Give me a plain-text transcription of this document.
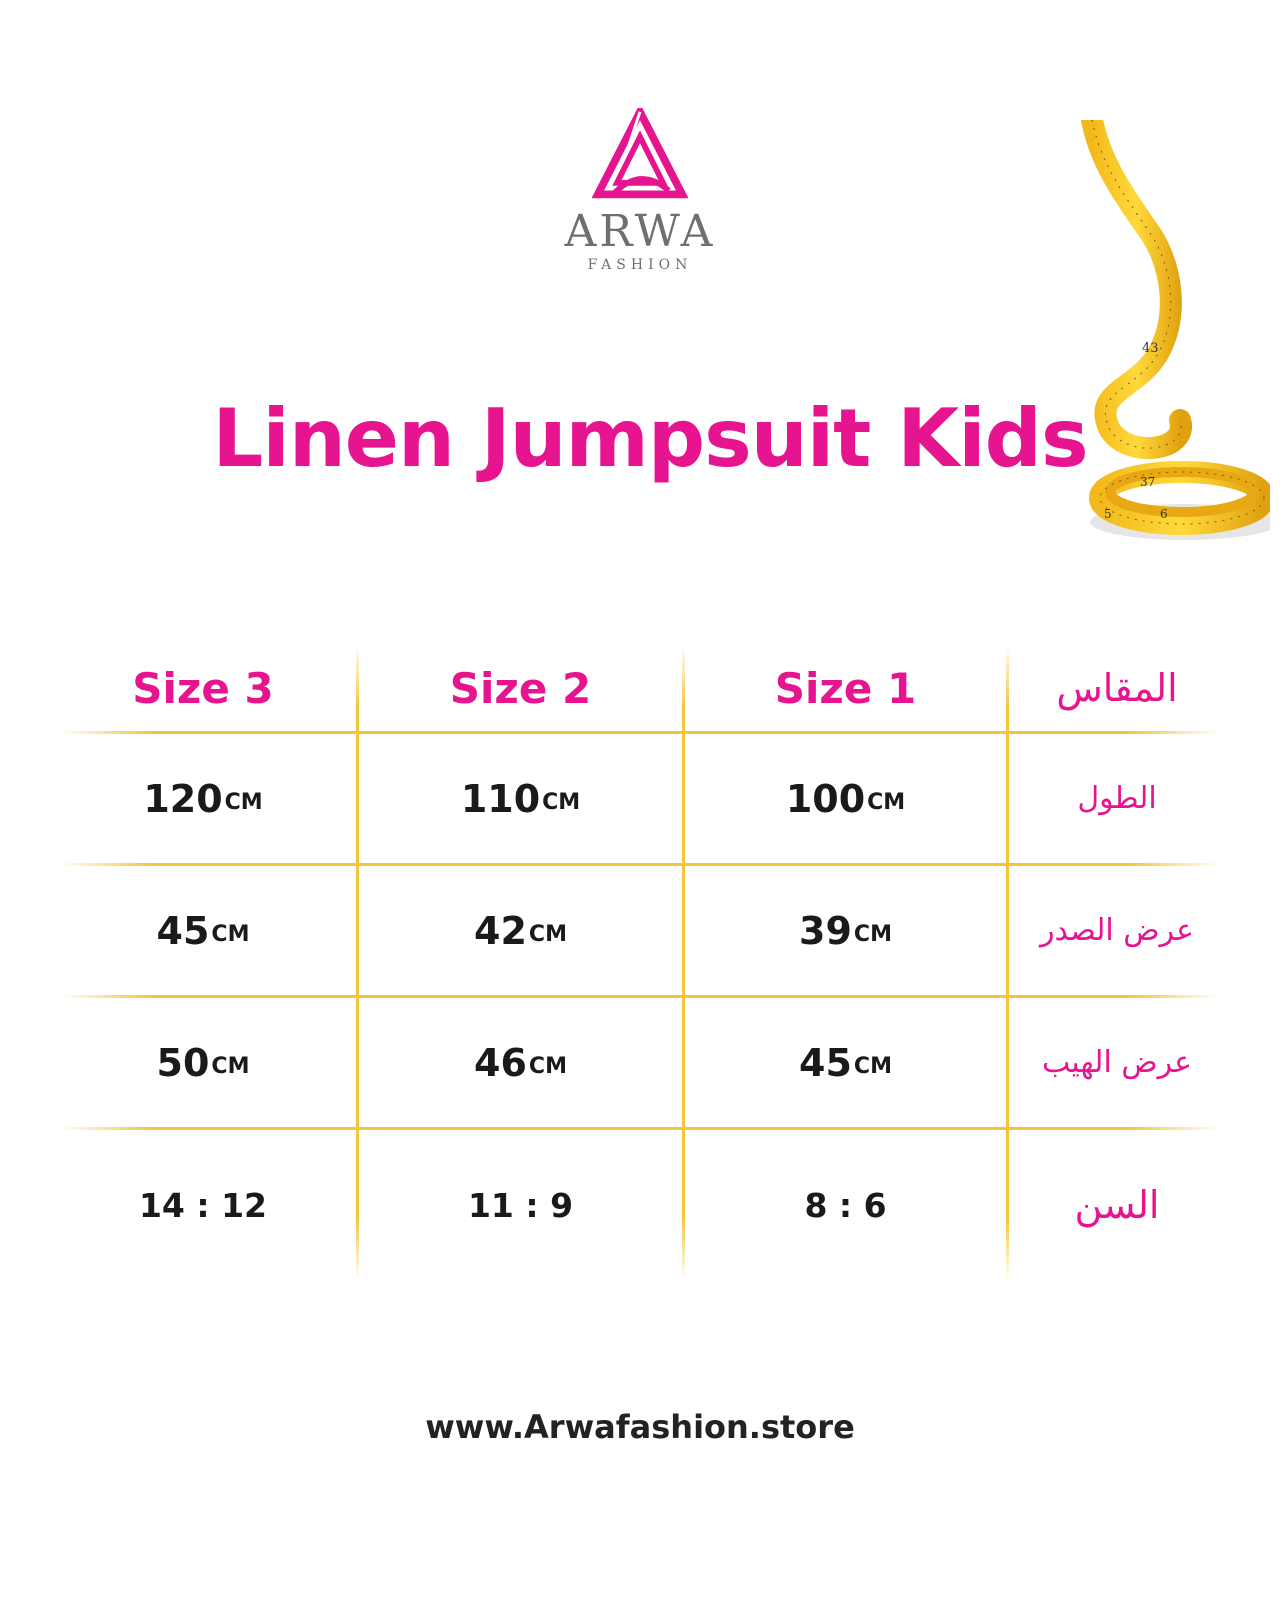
ARWA
FASHION
43
37
5	6
Linen Jumpsuit Kids
Size 3	Size 2	Size 1	المقاس
120 CM	110 CM	100 CM	الطول
45 CM	42 CM	39 CM	عرض الصدر
50 CM	46 CM	45 CM	عرض الهيب
12 : 14	9 : 11	6 : 8	السن
www.Arwafashion.store
